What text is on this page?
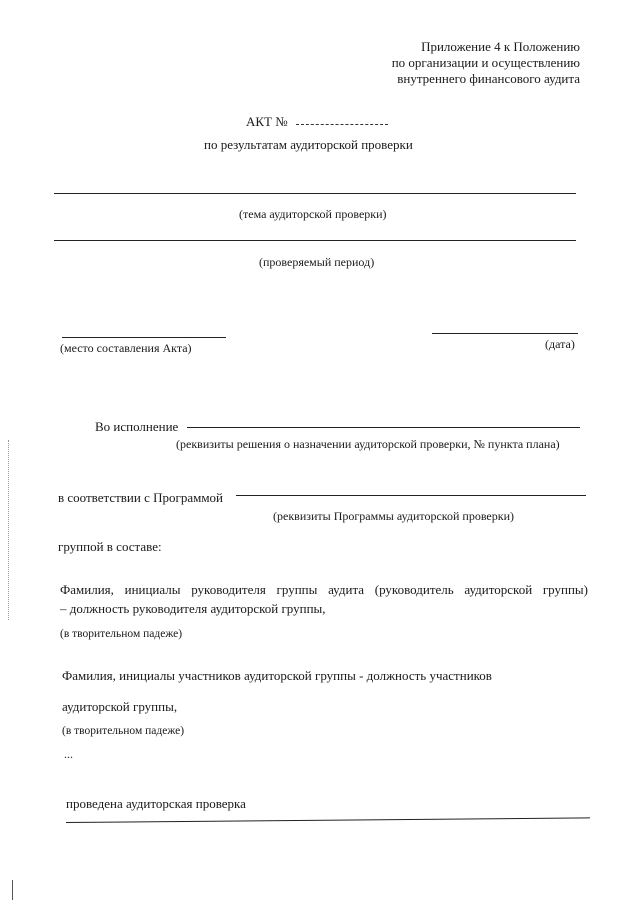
Приложение 4 к Положению
по организации и осуществлению
внутреннего финансового аудита
АКТ №
по результатам аудиторской проверки
(тема аудиторской проверки)
(проверяемый период)
(место составления Акта)	(дата)
Во исполнение
(реквизиты решения о назначении аудиторской проверки, № пункта плана)
в соответствии с Программой
(реквизиты Программы аудиторской проверки)
группой в составе:
Фамилия, инициалы руководителя группы аудита (руководитель аудиторской группы)
– должность руководителя аудиторской группы,
(в творительном падеже)
Фамилия, инициалы участников аудиторской группы - должность участников
аудиторской группы,
(в творительном падеже)
...
проведена аудиторская проверка
